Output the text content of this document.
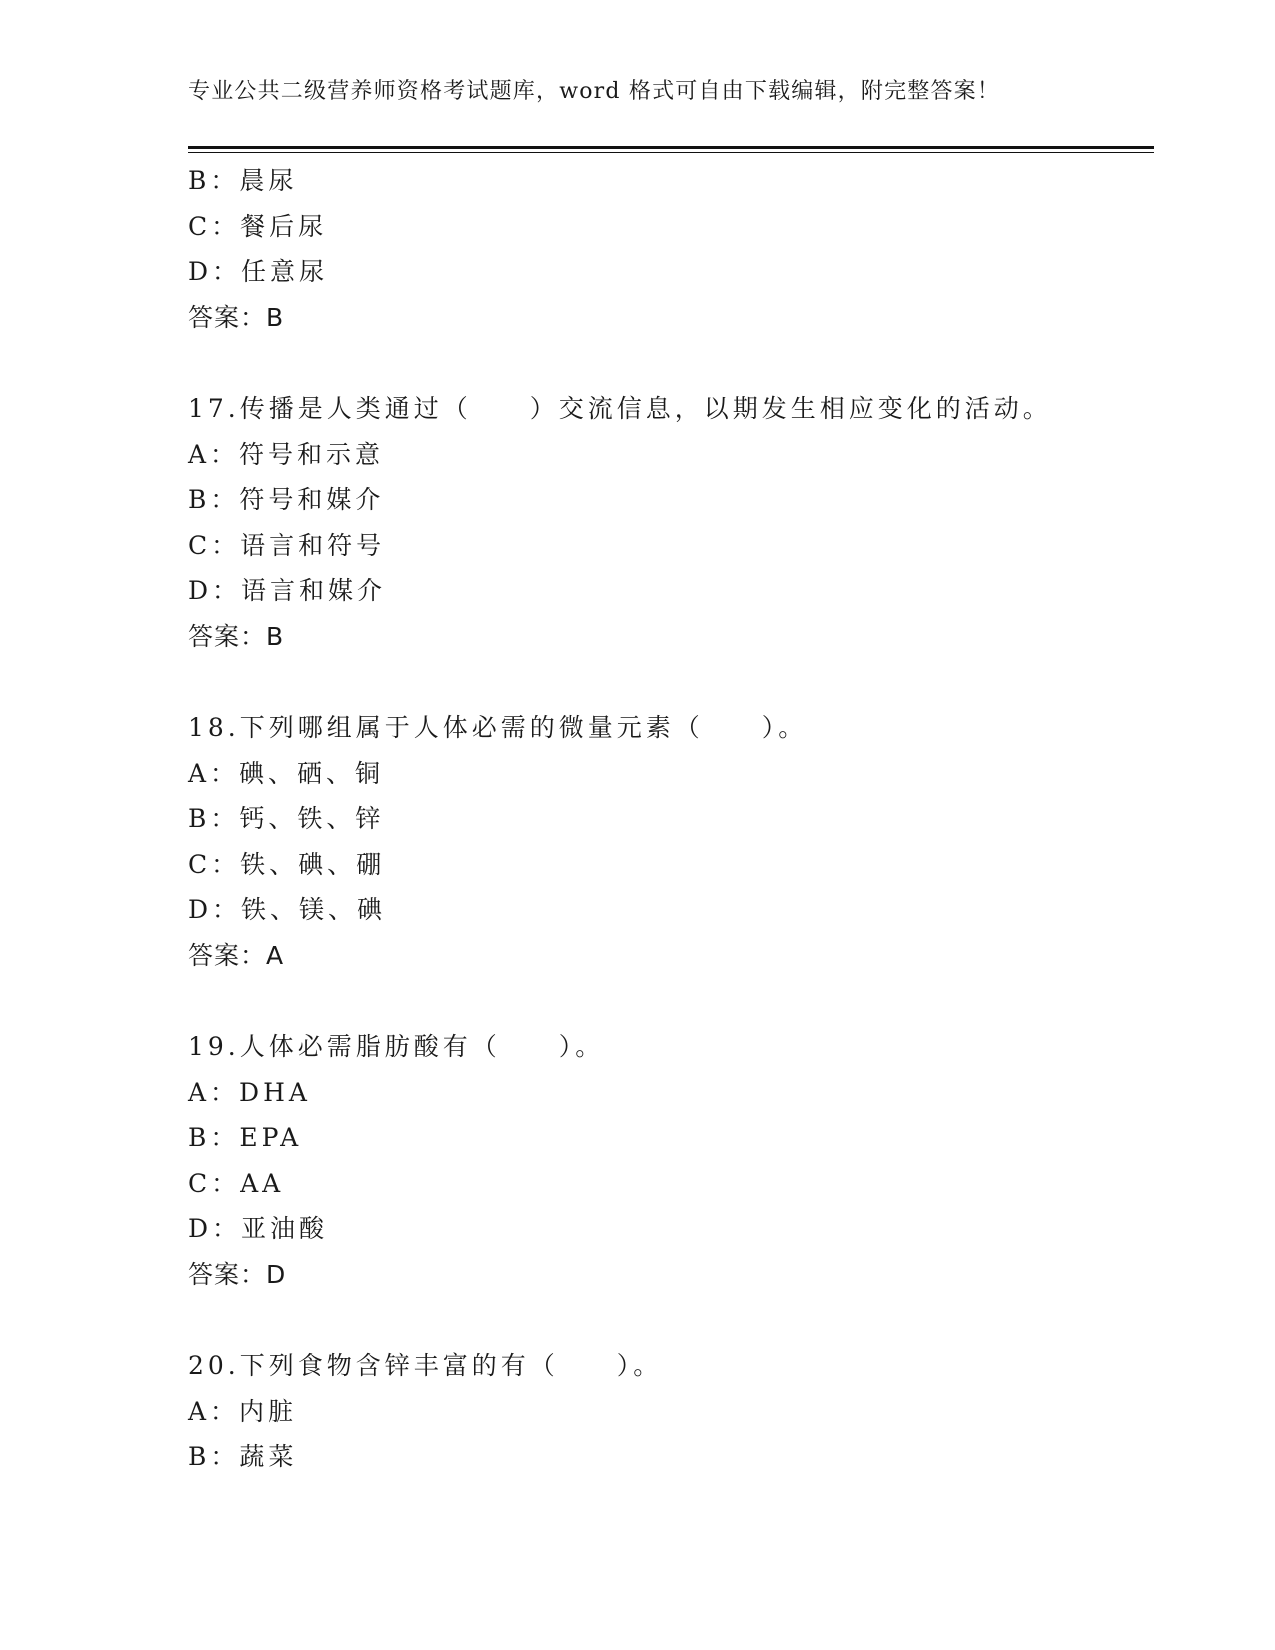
专业公共二级营养师资格考试题库，word 格式可自由下载编辑，附完整答案！
B：晨尿
C：餐后尿
D：任意尿
答案：B
17.传播是人类通过（　　）交流信息，以期发生相应变化的活动。
A：符号和示意
B：符号和媒介
C：语言和符号
D：语言和媒介
答案：B
18.下列哪组属于人体必需的微量元素（　　）。
A：碘、硒、铜
B：钙、铁、锌
C：铁、碘、硼
D：铁、镁、碘
答案：A
19.人体必需脂肪酸有（　　）。
A：DHA
B：EPA
C：AA
D：亚油酸
答案：D
20.下列食物含锌丰富的有（　　）。
A：内脏
B：蔬菜
